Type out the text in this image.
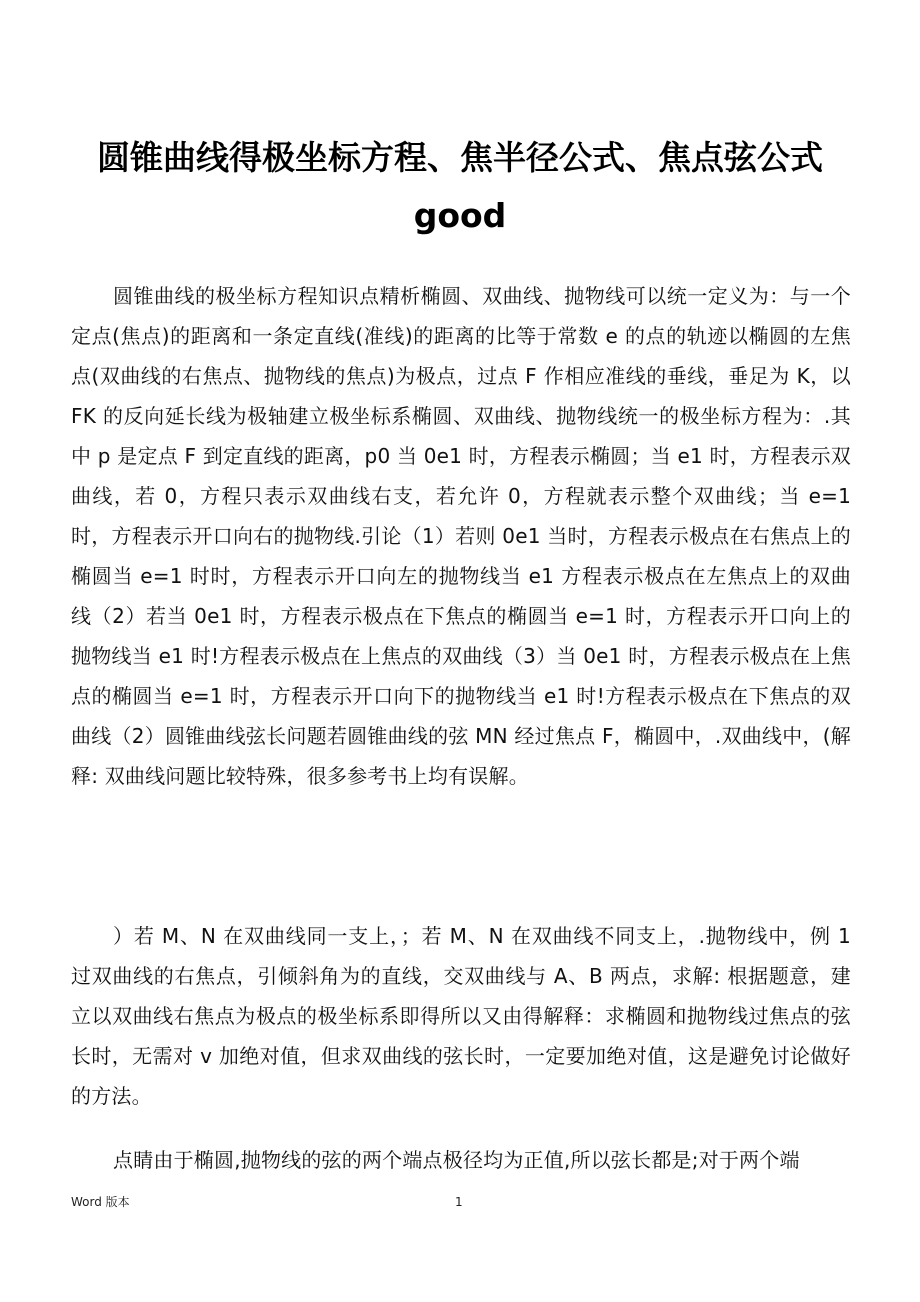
圆锥曲线得极坐标方程、焦半径公式、焦点弦公式
good
圆锥曲线的极坐标方程知识点精析椭圆、双曲线、抛物线可以统一定义为：与一个定点(焦点)的距离和一条定直线(准线)的距离的比等于常数 e 的点的轨迹以椭圆的左焦点(双曲线的右焦点、抛物线的焦点)为极点，过点 F 作相应准线的垂线，垂足为 K，以 FK 的反向延长线为极轴建立极坐标系椭圆、双曲线、抛物线统一的极坐标方程为：.其中 p 是定点 F 到定直线的距离，p0 当 0e1 时，方程表示椭圆；当 e1 时，方程表示双曲线，若 0，方程只表示双曲线右支，若允许 0，方程就表示整个双曲线；当 e=1 时，方程表示开口向右的抛物线.引论（1）若则 0e1 当时，方程表示极点在右焦点上的椭圆当 e=1 时时，方程表示开口向左的抛物线当 e1 方程表示极点在左焦点上的双曲线（2）若当 0e1 时，方程表示极点在下焦点的椭圆当 e=1 时，方程表示开口向上的抛物线当 e1 时!方程表示极点在上焦点的双曲线（3）当 0e1 时，方程表示极点在上焦点的椭圆当 e=1 时，方程表示开口向下的抛物线当 e1 时!方程表示极点在下焦点的双曲线（2）圆锥曲线弦长问题若圆锥曲线的弦 MN 经过焦点 F，椭圆中，.双曲线中，(解释: 双曲线问题比较特殊，很多参考书上均有误解。
）若 M、N 在双曲线同一支上，；若 M、N 在双曲线不同支上，.抛物线中，例 1 过双曲线的右焦点，引倾斜角为的直线，交双曲线与 A、B 两点，求解: 根据题意，建立以双曲线右焦点为极点的极坐标系即得所以又由得解释：求椭圆和抛物线过焦点的弦长时，无需对 v 加绝对值，但求双曲线的弦长时，一定要加绝对值，这是避免讨论做好的方法。
点睛由于椭圆,抛物线的弦的两个端点极径均为正值,所以弦长都是;对于两个端
Word 版本	1
